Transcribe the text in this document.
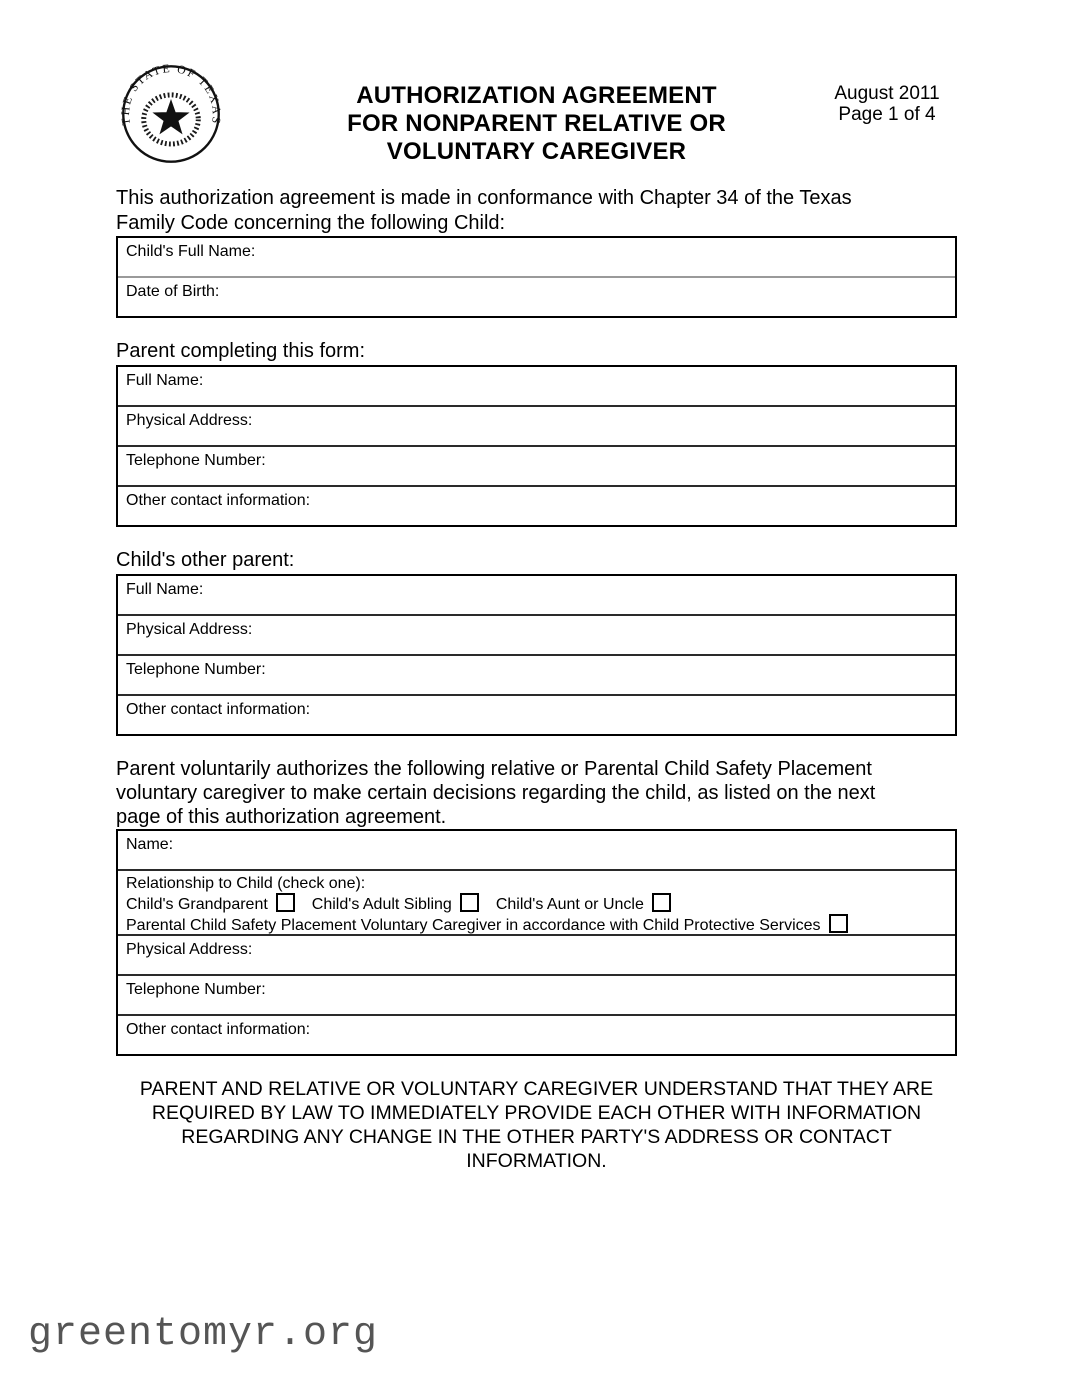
THE STATE OF TEXAS
AUTHORIZATION AGREEMENT
FOR NONPARENT RELATIVE OR
VOLUNTARY CAREGIVER
August 2011
Page 1 of 4
This authorization agreement is made in conformance with Chapter 34 of the Texas
Family Code concerning the following Child:
Child's Full Name:
Date of Birth:
Parent completing this form:
Full Name:
Physical Address:
Telephone Number:
Other contact information:
Child's other parent:
Full Name:
Physical Address:
Telephone Number:
Other contact information:
Parent voluntarily authorizes the following relative or Parental Child Safety Placement
voluntary caregiver to make certain decisions regarding the child, as listed on the next
page of this authorization agreement.
Name:
Relationship to Child (check one):
Child's Grandparent	Child's Adult Sibling	Child's Aunt or Uncle
Parental Child Safety Placement Voluntary Caregiver in accordance with Child Protective Services
Physical Address:
Telephone Number:
Other contact information:
PARENT AND RELATIVE OR VOLUNTARY CAREGIVER UNDERSTAND THAT THEY ARE
REQUIRED BY LAW TO IMMEDIATELY PROVIDE EACH OTHER WITH INFORMATION
REGARDING ANY CHANGE IN THE OTHER PARTY'S ADDRESS OR CONTACT
INFORMATION.
greentomyr.org
